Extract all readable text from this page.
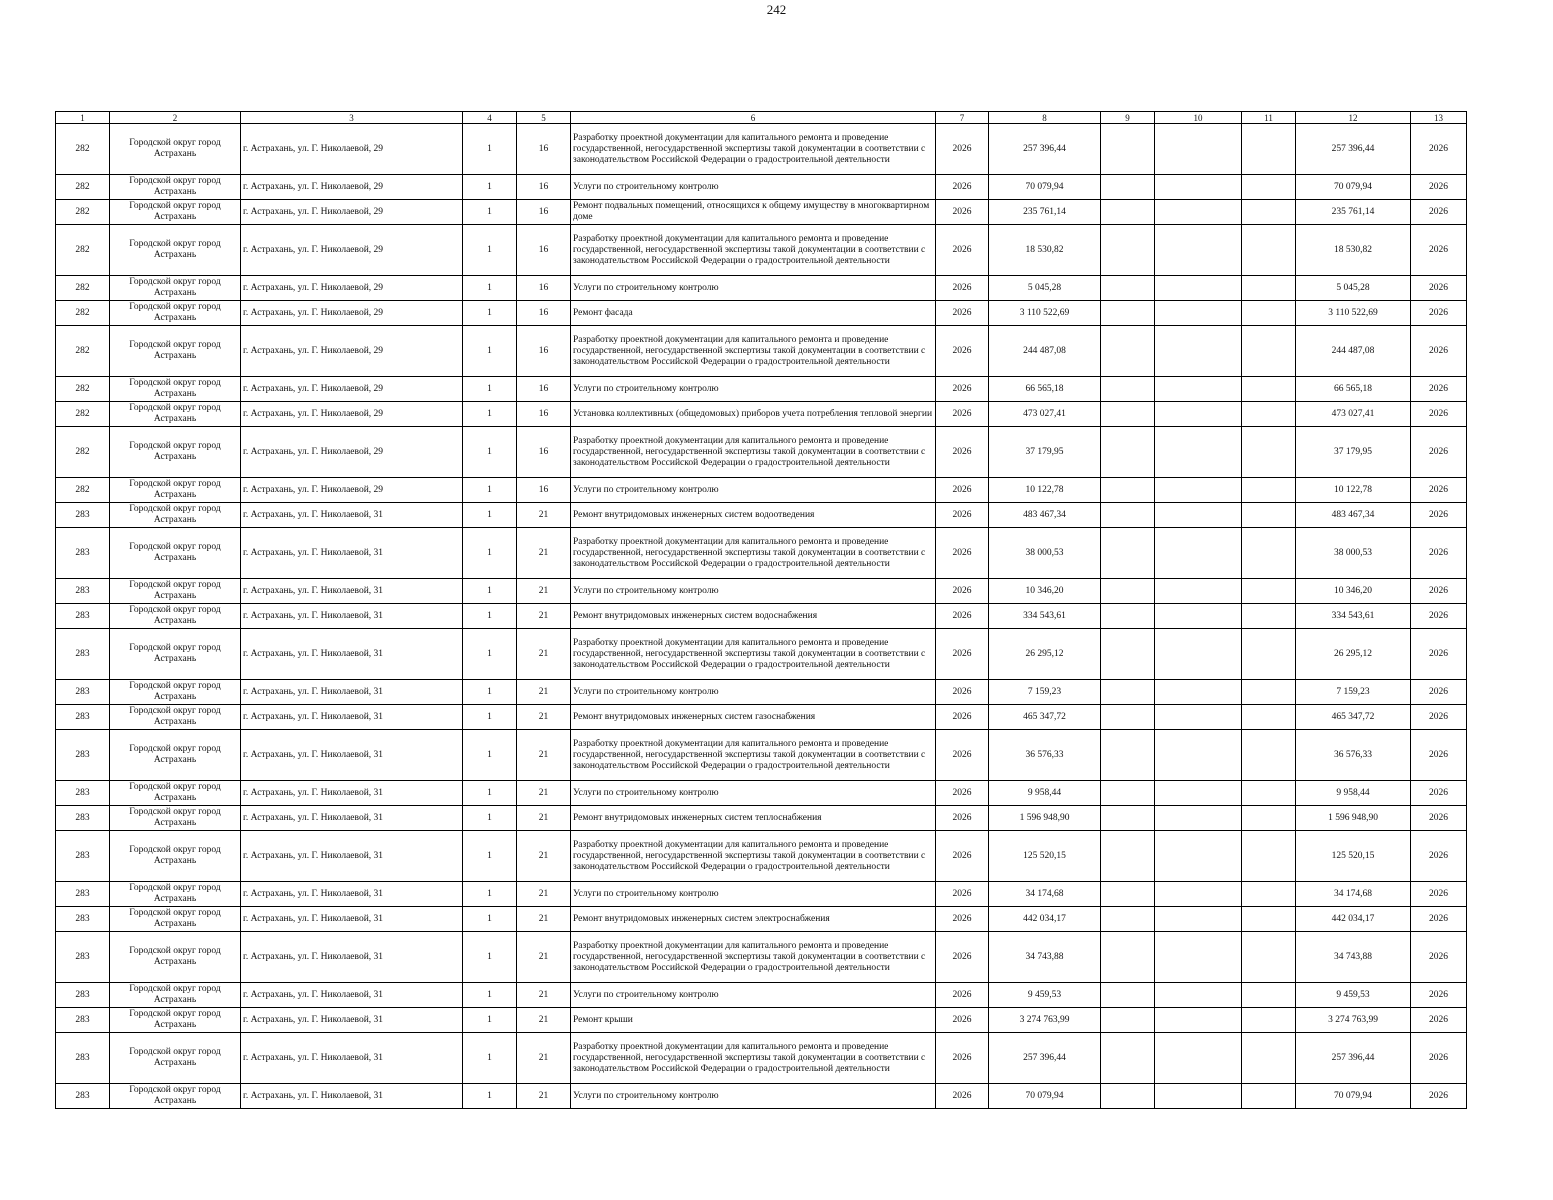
242
1	2	3	4	5	6	7	8	9	10	11	12	13
282	Городской округ город Астрахань	г. Астрахань, ул. Г. Николаевой, 29	1	16	Разработку проектной документации для капитального ремонта и проведение государственной, негосударственной экспертизы такой документации в соответствии с законодательством Российской Федерации о градостроительной деятельности	2026	257 396,44				257 396,44	2026
282	Городской округ город Астрахань	г. Астрахань, ул. Г. Николаевой, 29	1	16	Услуги по строительному контролю	2026	70 079,94				70 079,94	2026
282	Городской округ город Астрахань	г. Астрахань, ул. Г. Николаевой, 29	1	16	Ремонт подвальных помещений, относящихся к общему имуществу в многоквартирном доме	2026	235 761,14				235 761,14	2026
282	Городской округ город Астрахань	г. Астрахань, ул. Г. Николаевой, 29	1	16	Разработку проектной документации для капитального ремонта и проведение государственной, негосударственной экспертизы такой документации в соответствии с законодательством Российской Федерации о градостроительной деятельности	2026	18 530,82				18 530,82	2026
282	Городской округ город Астрахань	г. Астрахань, ул. Г. Николаевой, 29	1	16	Услуги по строительному контролю	2026	5 045,28				5 045,28	2026
282	Городской округ город Астрахань	г. Астрахань, ул. Г. Николаевой, 29	1	16	Ремонт фасада	2026	3 110 522,69				3 110 522,69	2026
282	Городской округ город Астрахань	г. Астрахань, ул. Г. Николаевой, 29	1	16	Разработку проектной документации для капитального ремонта и проведение государственной, негосударственной экспертизы такой документации в соответствии с законодательством Российской Федерации о градостроительной деятельности	2026	244 487,08				244 487,08	2026
282	Городской округ город Астрахань	г. Астрахань, ул. Г. Николаевой, 29	1	16	Услуги по строительному контролю	2026	66 565,18				66 565,18	2026
282	Городской округ город Астрахань	г. Астрахань, ул. Г. Николаевой, 29	1	16	Установка коллективных (общедомовых) приборов учета потребления тепловой энергии	2026	473 027,41				473 027,41	2026
282	Городской округ город Астрахань	г. Астрахань, ул. Г. Николаевой, 29	1	16	Разработку проектной документации для капитального ремонта и проведение государственной, негосударственной экспертизы такой документации в соответствии с законодательством Российской Федерации о градостроительной деятельности	2026	37 179,95				37 179,95	2026
282	Городской округ город Астрахань	г. Астрахань, ул. Г. Николаевой, 29	1	16	Услуги по строительному контролю	2026	10 122,78				10 122,78	2026
283	Городской округ город Астрахань	г. Астрахань, ул. Г. Николаевой, 31	1	21	Ремонт внутридомовых инженерных систем водоотведения	2026	483 467,34				483 467,34	2026
283	Городской округ город Астрахань	г. Астрахань, ул. Г. Николаевой, 31	1	21	Разработку проектной документации для капитального ремонта и проведение государственной, негосударственной экспертизы такой документации в соответствии с законодательством Российской Федерации о градостроительной деятельности	2026	38 000,53				38 000,53	2026
283	Городской округ город Астрахань	г. Астрахань, ул. Г. Николаевой, 31	1	21	Услуги по строительному контролю	2026	10 346,20				10 346,20	2026
283	Городской округ город Астрахань	г. Астрахань, ул. Г. Николаевой, 31	1	21	Ремонт внутридомовых инженерных систем водоснабжения	2026	334 543,61				334 543,61	2026
283	Городской округ город Астрахань	г. Астрахань, ул. Г. Николаевой, 31	1	21	Разработку проектной документации для капитального ремонта и проведение государственной, негосударственной экспертизы такой документации в соответствии с законодательством Российской Федерации о градостроительной деятельности	2026	26 295,12				26 295,12	2026
283	Городской округ город Астрахань	г. Астрахань, ул. Г. Николаевой, 31	1	21	Услуги по строительному контролю	2026	7 159,23				7 159,23	2026
283	Городской округ город Астрахань	г. Астрахань, ул. Г. Николаевой, 31	1	21	Ремонт внутридомовых инженерных систем газоснабжения	2026	465 347,72				465 347,72	2026
283	Городской округ город Астрахань	г. Астрахань, ул. Г. Николаевой, 31	1	21	Разработку проектной документации для капитального ремонта и проведение государственной, негосударственной экспертизы такой документации в соответствии с законодательством Российской Федерации о градостроительной деятельности	2026	36 576,33				36 576,33	2026
283	Городской округ город Астрахань	г. Астрахань, ул. Г. Николаевой, 31	1	21	Услуги по строительному контролю	2026	9 958,44				9 958,44	2026
283	Городской округ город Астрахань	г. Астрахань, ул. Г. Николаевой, 31	1	21	Ремонт внутридомовых инженерных систем теплоснабжения	2026	1 596 948,90				1 596 948,90	2026
283	Городской округ город Астрахань	г. Астрахань, ул. Г. Николаевой, 31	1	21	Разработку проектной документации для капитального ремонта и проведение государственной, негосударственной экспертизы такой документации в соответствии с законодательством Российской Федерации о градостроительной деятельности	2026	125 520,15				125 520,15	2026
283	Городской округ город Астрахань	г. Астрахань, ул. Г. Николаевой, 31	1	21	Услуги по строительному контролю	2026	34 174,68				34 174,68	2026
283	Городской округ город Астрахань	г. Астрахань, ул. Г. Николаевой, 31	1	21	Ремонт внутридомовых инженерных систем электроснабжения	2026	442 034,17				442 034,17	2026
283	Городской округ город Астрахань	г. Астрахань, ул. Г. Николаевой, 31	1	21	Разработку проектной документации для капитального ремонта и проведение государственной, негосударственной экспертизы такой документации в соответствии с законодательством Российской Федерации о градостроительной деятельности	2026	34 743,88				34 743,88	2026
283	Городской округ город Астрахань	г. Астрахань, ул. Г. Николаевой, 31	1	21	Услуги по строительному контролю	2026	9 459,53				9 459,53	2026
283	Городской округ город Астрахань	г. Астрахань, ул. Г. Николаевой, 31	1	21	Ремонт крыши	2026	3 274 763,99				3 274 763,99	2026
283	Городской округ город Астрахань	г. Астрахань, ул. Г. Николаевой, 31	1	21	Разработку проектной документации для капитального ремонта и проведение государственной, негосударственной экспертизы такой документации в соответствии с законодательством Российской Федерации о градостроительной деятельности	2026	257 396,44				257 396,44	2026
283	Городской округ город Астрахань	г. Астрахань, ул. Г. Николаевой, 31	1	21	Услуги по строительному контролю	2026	70 079,94				70 079,94	2026
